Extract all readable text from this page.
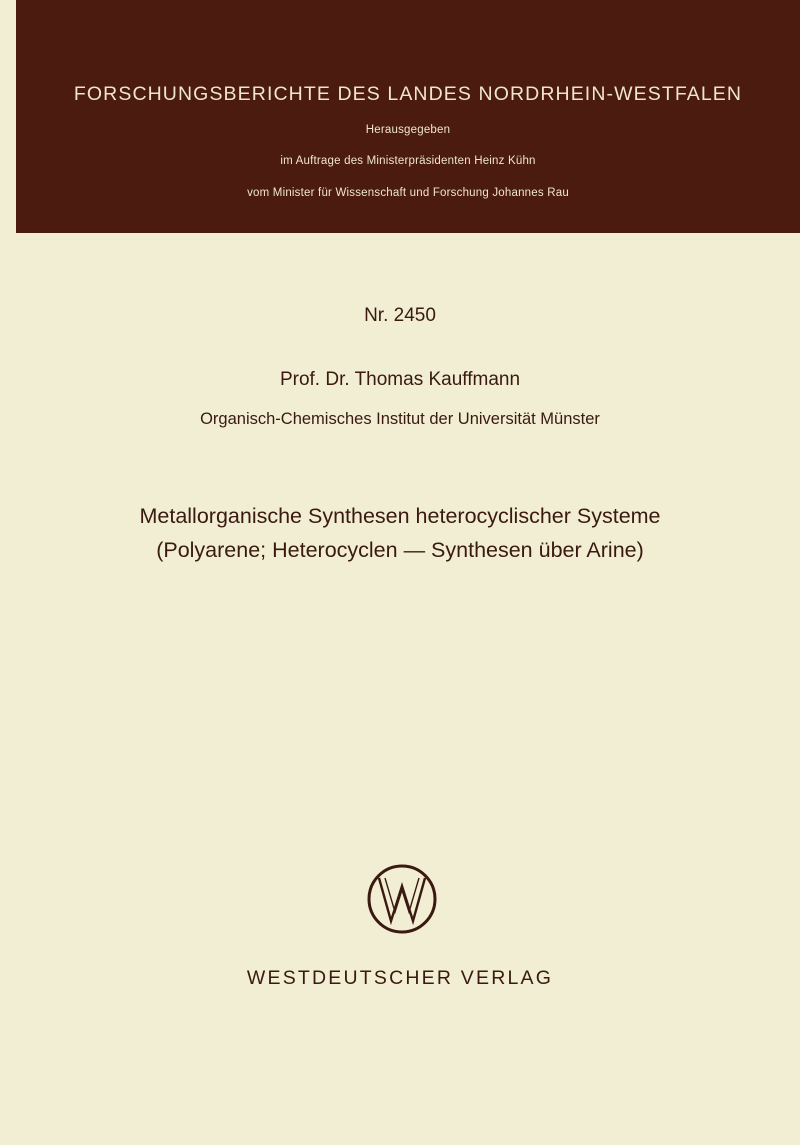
FORSCHUNGSBERICHTE DES LANDES NORDRHEIN-WESTFALEN
Herausgegeben
im Auftrage des Ministerpräsidenten Heinz Kühn
vom Minister für Wissenschaft und Forschung Johannes Rau
Nr. 2450
Prof. Dr. Thomas Kauffmann
Organisch-Chemisches Institut der Universität Münster
Metallorganische Synthesen heterocyclischer Systeme
(Polyarene; Heterocyclen — Synthesen über Arine)
WESTDEUTSCHER VERLAG
